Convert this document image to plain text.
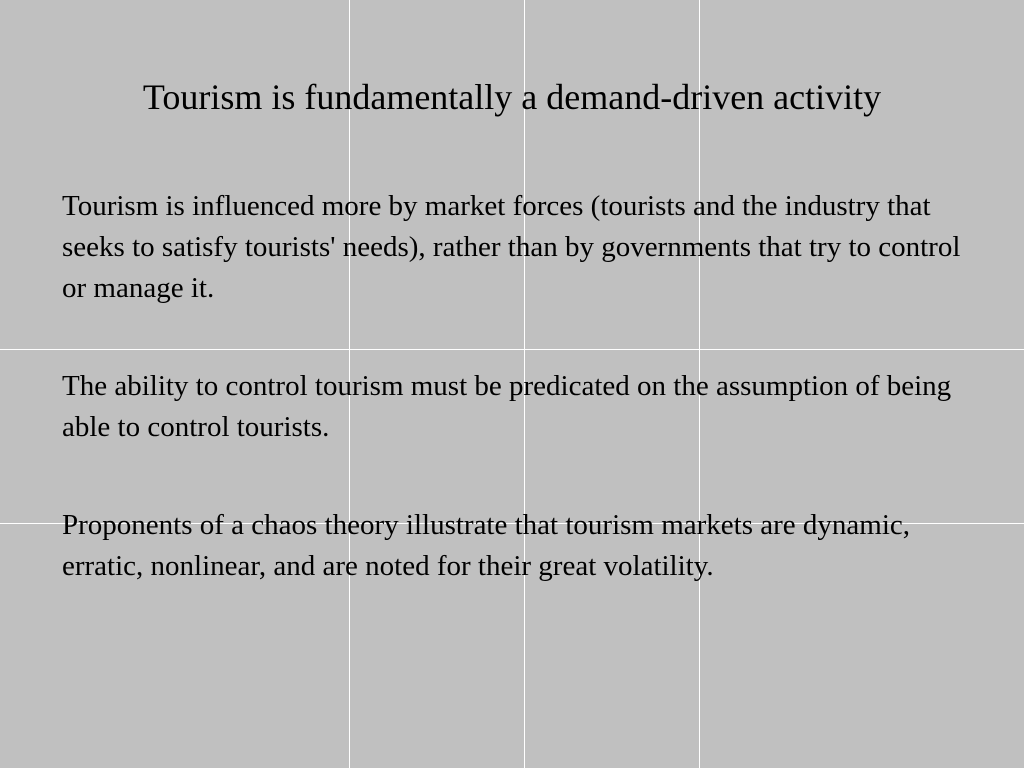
Tourism is fundamentally a demand-driven activity

Tourism is influenced more by market forces (tourists and the industry that seeks to satisfy tourists' needs), rather than by governments that try to control or manage it.

The ability to control tourism must be predicated on the assumption of being able to control tourists.

Proponents of a chaos theory illustrate that tourism markets are dynamic, erratic, nonlinear, and are noted for their great volatility.
